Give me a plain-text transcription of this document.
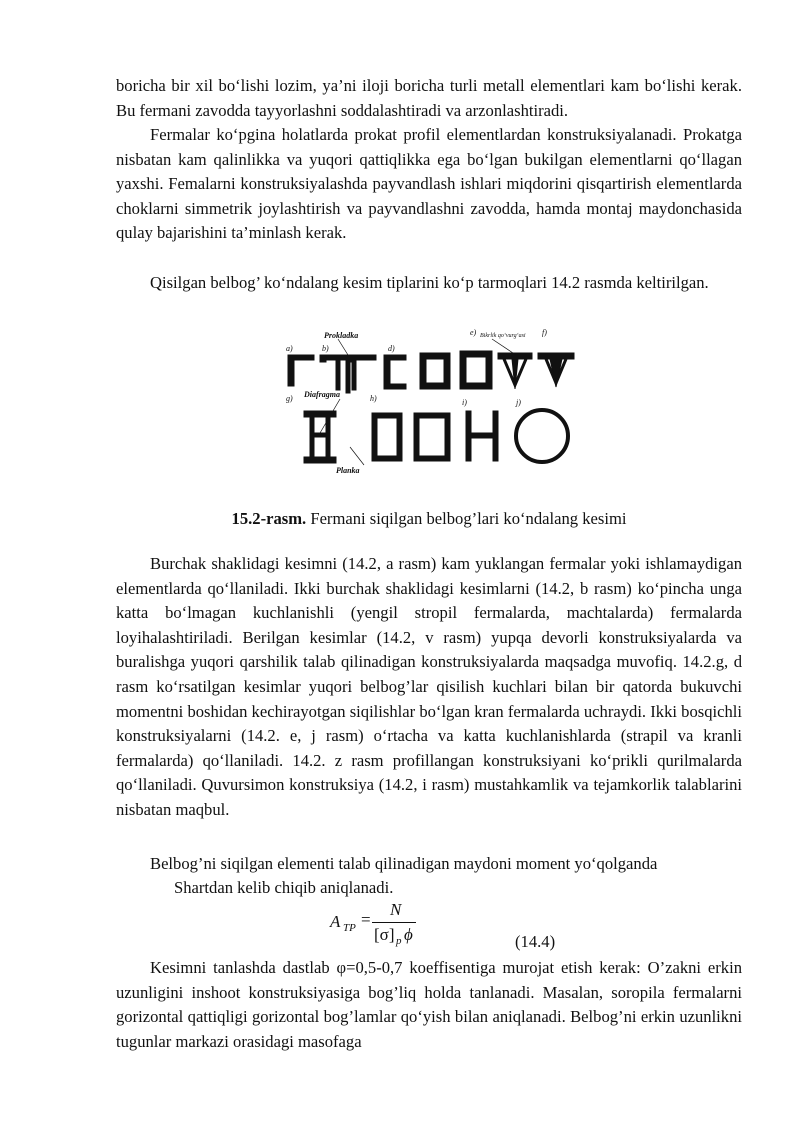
boricha bir xil bo‘lishi lozim, ya’ni iloji boricha turli metall elementlari kam bo‘lishi kerak. Bu fermani zavodda tayyorlashni soddalashtiradi va arzonlashtiradi.

Fermalar ko‘pgina holatlarda prokat profil elementlardan konstruksiyalanadi. Prokatga nisbatan kam qalinlikka va yuqori qattiqlikka ega bo‘lgan bukilgan elementlarni qo‘llagan yaxshi. Femalarni konstruksiyalashda payvandlash ishlari miqdorini qisqartirish elementlarda choklarni simmetrik joylashtirish va payvandlashni zavodda, hamda montaj maydonchasida qulay bajarishini ta’minlash kerak.

Qisilgan belbog’ ko‘ndalang kesim tiplarini ko‘p tarmoqlari 14.2 rasmda keltirilgan.

a)	b)	d)
e)	f)
g)	h)	i)	j)
Prokladka	Bikrlik qo‘vurg‘asi
Diafragma
Planka
15.2-rasm. Fermani siqilgan belbog’lari ko‘ndalang kesimi

Burchak shaklidagi kesimni (14.2, a rasm) kam yuklangan fermalar yoki ishlamaydigan elementlarda qo‘llaniladi. Ikki burchak shaklidagi kesimlarni (14.2, b rasm) ko‘pincha unga katta bo‘lmagan kuchlanishli (yengil stropil fermalarda, machtalarda) fermalarda loyihalashtiriladi. Berilgan kesimlar (14.2, v rasm) yupqa devorli konstruksiyalarda va buralishga yuqori qarshilik talab qilinadigan konstruksiyalarda maqsadga muvofiq. 14.2.g, d rasm ko‘rsatilgan kesimlar yuqori belbog’lar qisilish kuchlari bilan bir qatorda bukuvchi momentni boshidan kechirayotgan siqilishlar bo‘lgan kran fermalarda uchraydi. Ikki bosqichli konstruksiyalarni (14.2. e, j rasm) o‘rtacha va katta kuchlanishlarda (strapil va kranli fermalarda) qo‘llaniladi. 14.2. z rasm profillangan konstruksiyani ko‘prikli qurilmalarda qo‘llaniladi. Quvursimon konstruksiya (14.2, i rasm) mustahkamlik va tejamkorlik talablarini nisbatan maqbul.

Belbog’ni siqilgan elementi talab qilinadigan maydoni moment yo‘qolganda

Shartdan kelib chiqib aniqlanadi.

A TP =
N
[σ] p ϕ	(14.4)

Kesimni tanlashda dastlab φ=0,5-0,7 koeffisentiga murojat etish kerak: O’zakni erkin uzunligini inshoot konstruksiyasiga bog’liq holda tanlanadi. Masalan, soropila fermalarni gorizontal qattiqligi gorizontal bog’lamlar qo‘yish bilan aniqlanadi. Belbog’ni erkin uzunlikni tugunlar markazi orasidagi masofaga
